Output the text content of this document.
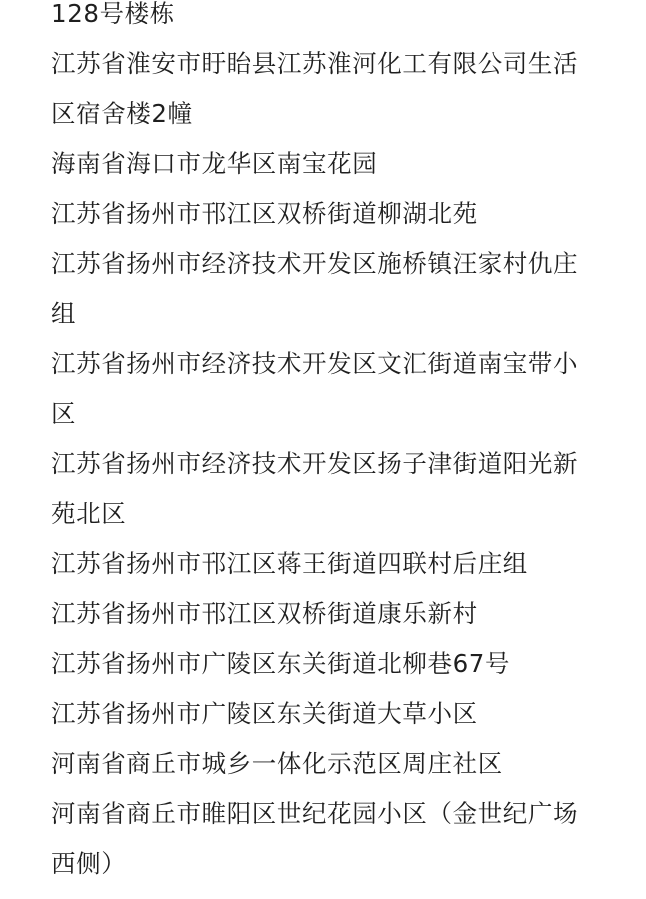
128号楼栋
江苏省淮安市盱眙县江苏淮河化工有限公司生活
区宿舍楼2幢
海南省海口市龙华区南宝花园
江苏省扬州市邗江区双桥街道柳湖北苑
江苏省扬州市经济技术开发区施桥镇汪家村仇庄
组
江苏省扬州市经济技术开发区文汇街道南宝带小
区
江苏省扬州市经济技术开发区扬子津街道阳光新
苑北区
江苏省扬州市邗江区蒋王街道四联村后庄组
江苏省扬州市邗江区双桥街道康乐新村
江苏省扬州市广陵区东关街道北柳巷67号
江苏省扬州市广陵区东关街道大草小区
河南省商丘市城乡一体化示范区周庄社区
河南省商丘市睢阳区世纪花园小区（金世纪广场
西侧）
